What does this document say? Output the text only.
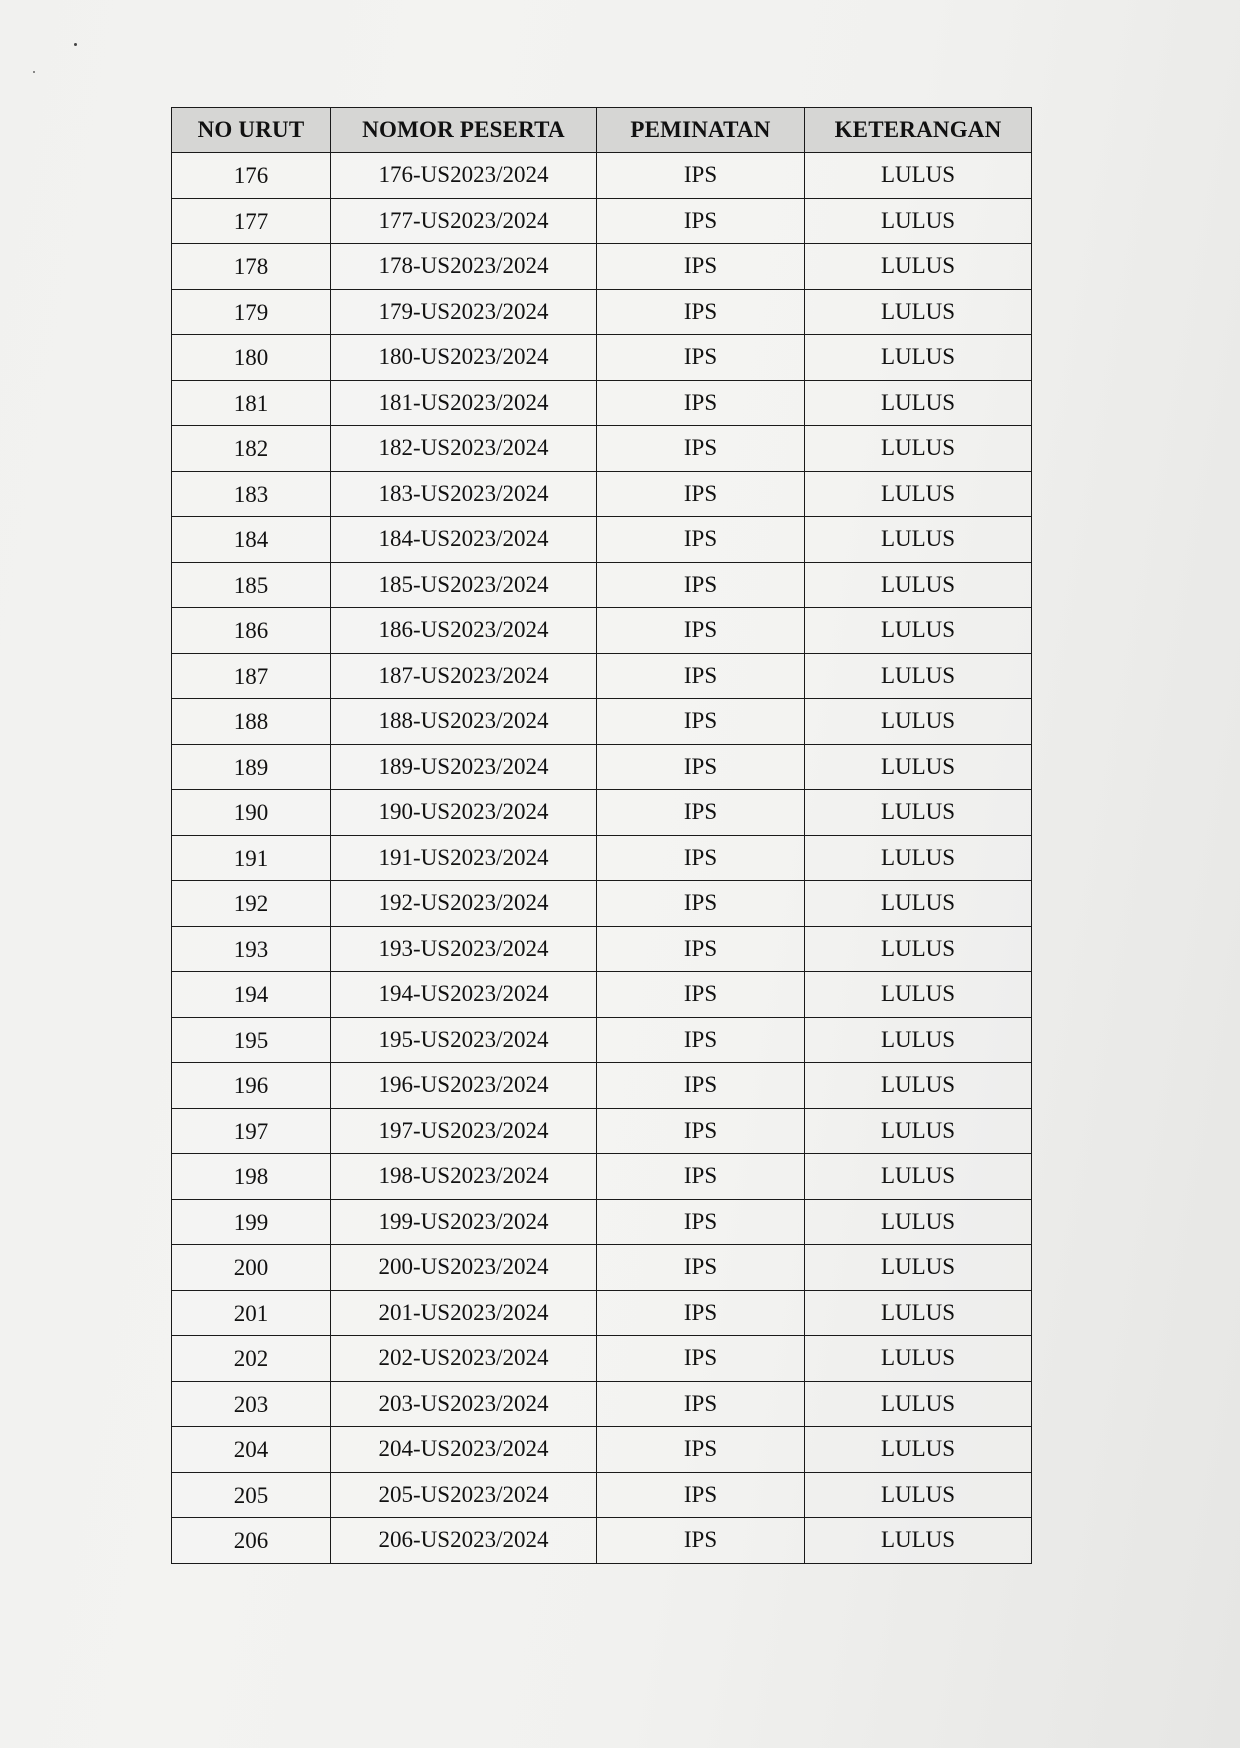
NO URUT	NOMOR PESERTA	PEMINATAN	KETERANGAN
176	176-US2023/2024	IPS	LULUS
177	177-US2023/2024	IPS	LULUS
178	178-US2023/2024	IPS	LULUS
179	179-US2023/2024	IPS	LULUS
180	180-US2023/2024	IPS	LULUS
181	181-US2023/2024	IPS	LULUS
182	182-US2023/2024	IPS	LULUS
183	183-US2023/2024	IPS	LULUS
184	184-US2023/2024	IPS	LULUS
185	185-US2023/2024	IPS	LULUS
186	186-US2023/2024	IPS	LULUS
187	187-US2023/2024	IPS	LULUS
188	188-US2023/2024	IPS	LULUS
189	189-US2023/2024	IPS	LULUS
190	190-US2023/2024	IPS	LULUS
191	191-US2023/2024	IPS	LULUS
192	192-US2023/2024	IPS	LULUS
193	193-US2023/2024	IPS	LULUS
194	194-US2023/2024	IPS	LULUS
195	195-US2023/2024	IPS	LULUS
196	196-US2023/2024	IPS	LULUS
197	197-US2023/2024	IPS	LULUS
198	198-US2023/2024	IPS	LULUS
199	199-US2023/2024	IPS	LULUS
200	200-US2023/2024	IPS	LULUS
201	201-US2023/2024	IPS	LULUS
202	202-US2023/2024	IPS	LULUS
203	203-US2023/2024	IPS	LULUS
204	204-US2023/2024	IPS	LULUS
205	205-US2023/2024	IPS	LULUS
206	206-US2023/2024	IPS	LULUS
